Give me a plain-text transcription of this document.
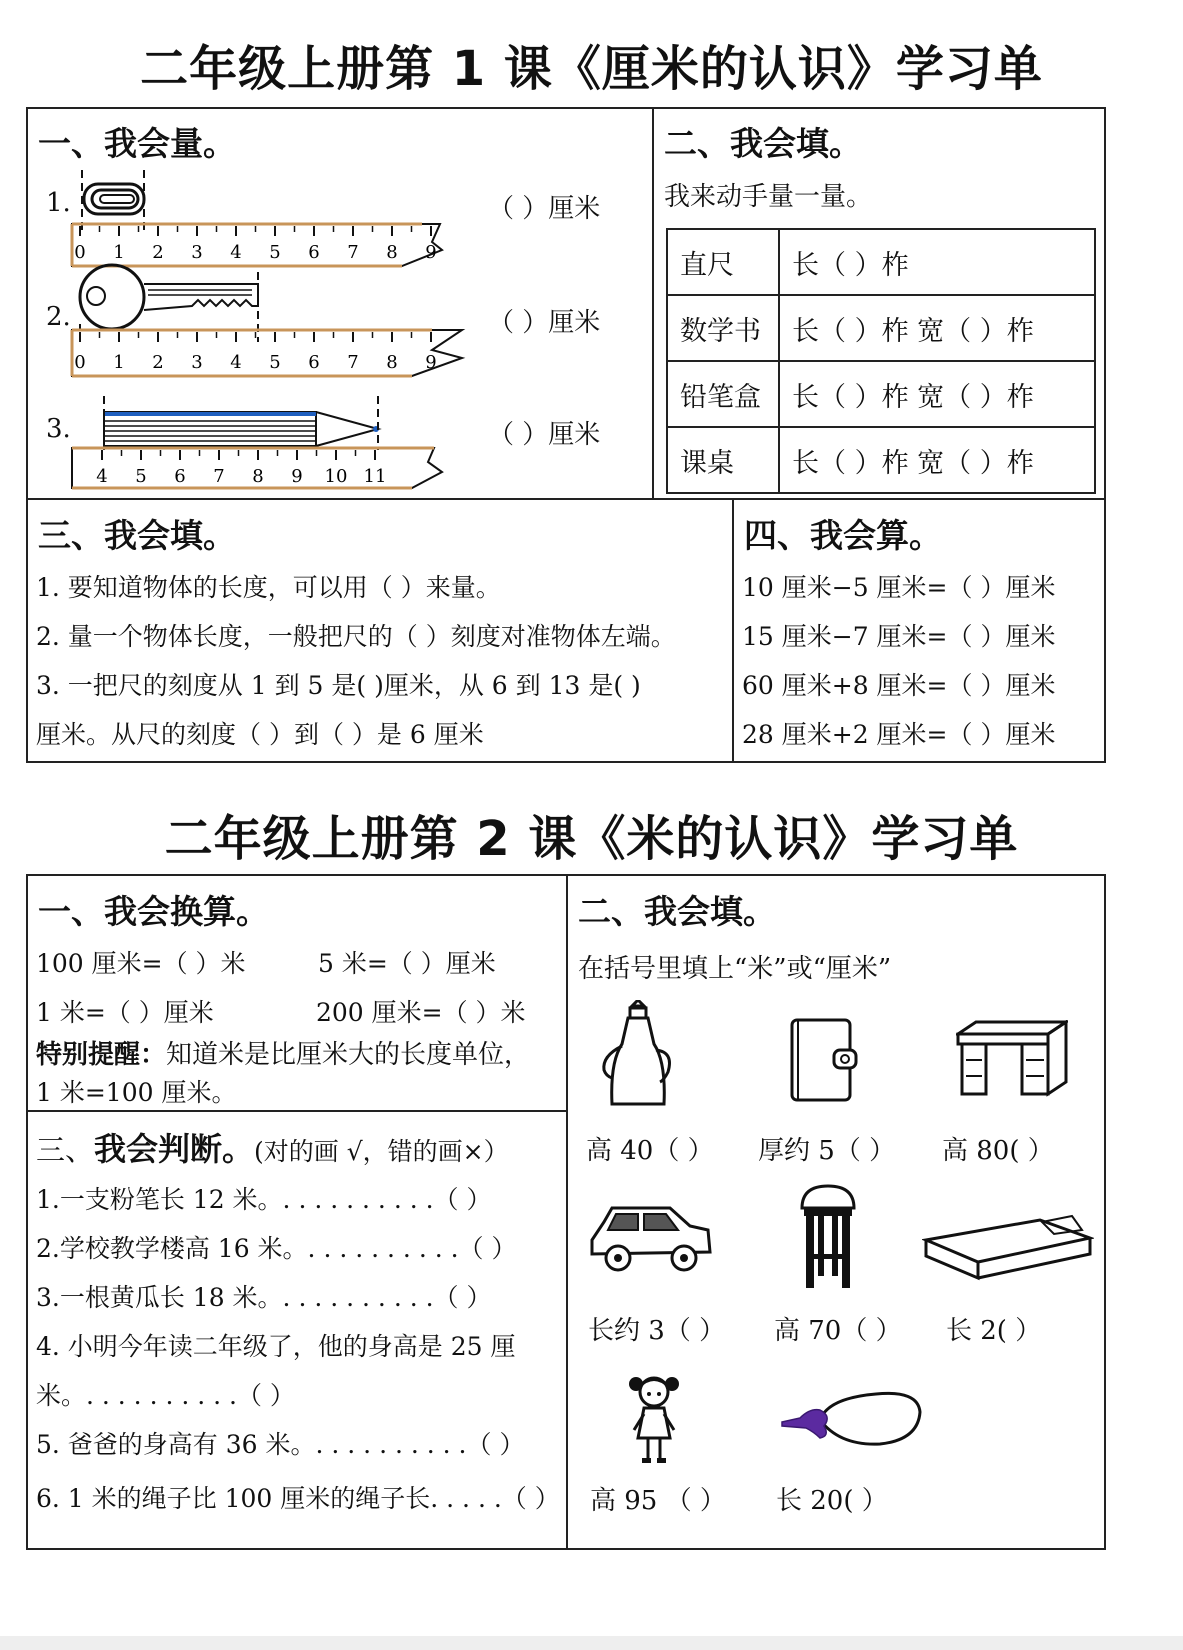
二年级上册第 1 课《厘米的认识》学习单
一、我会量。
1.	（ ）厘米
2.	（ ）厘米
3.	（ ）厘米
0 1 2 3 4 5 6 7 8 9
0 1 2 3 4 5 6 7 8 9
4 5 6 7 8 9 10 11
二、我会填。
我来动手量一量。
直尺	长（ ）柞
数学书	长（ ）柞 宽（ ）柞
铅笔盒	长（ ）柞 宽（ ）柞
课桌	长（ ）柞 宽（ ）柞
三、我会填。
1. 要知道物体的长度，可以用（ ）来量。
2. 量一个物体长度，一般把尺的（ ）刻度对准物体左端。
3. 一把尺的刻度从 1 到 5 是( )厘米，从 6 到 13 是( )
厘米。从尺的刻度（ ）到（ ）是 6 厘米
四、我会算。
10 厘米−5 厘米=（ ）厘米
15 厘米−7 厘米=（ ）厘米
60 厘米+8 厘米=（ ）厘米
28 厘米+2 厘米=（ ）厘米
二年级上册第 2 课《米的认识》学习单
一、我会换算。
100 厘米=（ ）米	5 米=（ ）厘米
1 米=（ ）厘米	200 厘米=（ ）米
特别提醒：知道米是比厘米大的长度单位，
1 米=100 厘米。
三、我会判断。(对的画 √，错的画×）
1.一支粉笔长 12 米。. . . . . . . . . .（ ）
2.学校教学楼高 16 米。. . . . . . . . . .（ ）
3.一根黄瓜长 18 米。. . . . . . . . . .（ ）
4. 小明今年读二年级了，他的身高是 25 厘
米。. . . . . . . . . .（ ）
5. 爸爸的身高有 36 米。. . . . . . . . . .（ ）
6. 1 米的绳子比 100 厘米的绳子长. . . . .（ ）
二、我会填。
在括号里填上“米”或“厘米”
高 40（ ） 厚约 5（ ） 高 80( ）
长约 3（ ） 高 70（ ） 长 2( ）
高 95 （ ） 长 20( ）
